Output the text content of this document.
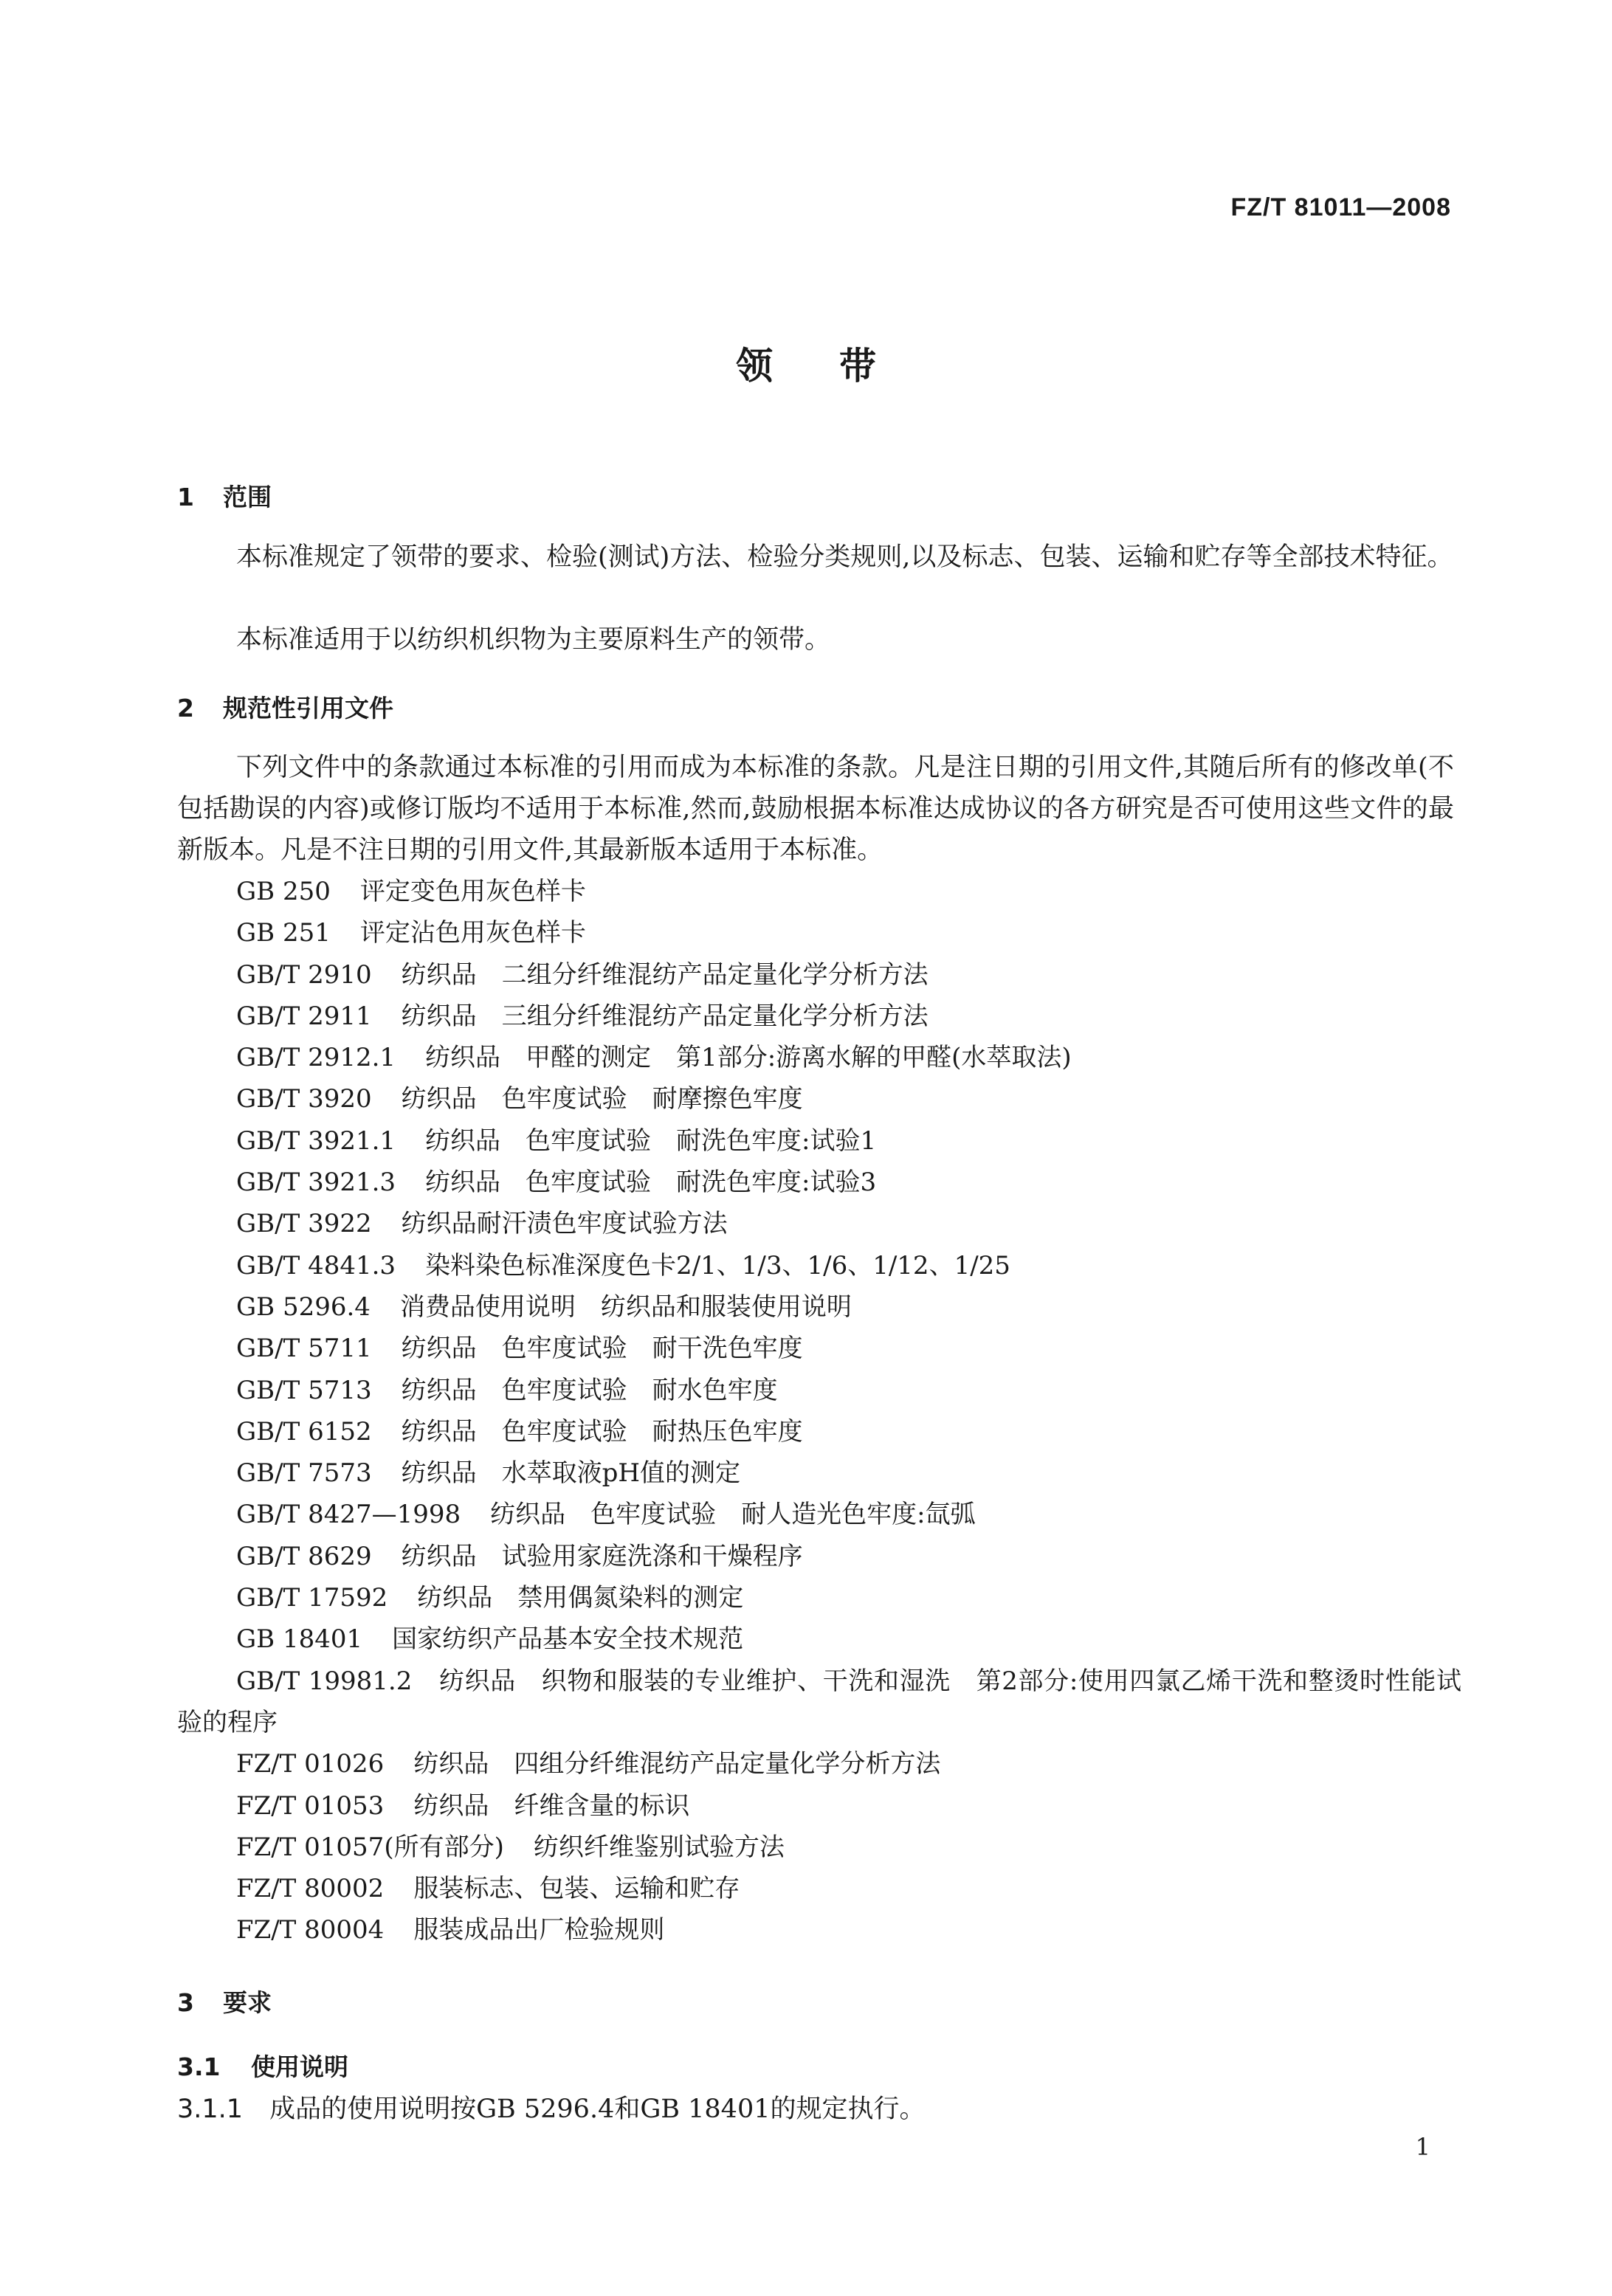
FZ/T 81011—2008
领带
1 范围

本标准规定了领带的要求、检验(测试)方法、检验分类规则,以及标志、包装、运输和贮存等全部技术特征。

本标准适用于以纺织机织物为主要原料生产的领带。

2 规范性引用文件

下列文件中的条款通过本标准的引用而成为本标准的条款。凡是注日期的引用文件,其随后所有的修改单(不包括勘误的内容)或修订版均不适用于本标准,然而,鼓励根据本标准达成协议的各方研究是否可使用这些文件的最新版本。凡是不注日期的引用文件,其最新版本适用于本标准。

GB 250 评定变色用灰色样卡
GB 251 评定沾色用灰色样卡
GB/T 2910 纺织品　二组分纤维混纺产品定量化学分析方法
GB/T 2911 纺织品　三组分纤维混纺产品定量化学分析方法
GB/T 2912.1 纺织品　甲醛的测定　第1部分:游离水解的甲醛(水萃取法)
GB/T 3920 纺织品　色牢度试验　耐摩擦色牢度
GB/T 3921.1 纺织品　色牢度试验　耐洗色牢度:试验1
GB/T 3921.3 纺织品　色牢度试验　耐洗色牢度:试验3
GB/T 3922 纺织品耐汗渍色牢度试验方法
GB/T 4841.3 染料染色标准深度色卡2/1、1/3、1/6、1/12、1/25
GB 5296.4 消费品使用说明　纺织品和服装使用说明
GB/T 5711 纺织品　色牢度试验　耐干洗色牢度
GB/T 5713 纺织品　色牢度试验　耐水色牢度
GB/T 6152 纺织品　色牢度试验　耐热压色牢度
GB/T 7573 纺织品　水萃取液pH值的测定
GB/T 8427—1998 纺织品　色牢度试验　耐人造光色牢度:氙弧
GB/T 8629 纺织品　试验用家庭洗涤和干燥程序
GB/T 17592 纺织品　禁用偶氮染料的测定
GB 18401 国家纺织产品基本安全技术规范
GB/T 19981.2 纺织品　织物和服装的专业维护、干洗和湿洗　第2部分:使用四氯乙烯干洗和整烫时性能试验的程序
FZ/T 01026 纺织品　四组分纤维混纺产品定量化学分析方法
FZ/T 01053 纺织品　纤维含量的标识
FZ/T 01057(所有部分) 纺织纤维鉴别试验方法
FZ/T 80002 服装标志、包装、运输和贮存
FZ/T 80004 服装成品出厂检验规则
3 要求
3.1 使用说明
3.1.1 成品的使用说明按GB 5296.4和GB 18401的规定执行。
1
